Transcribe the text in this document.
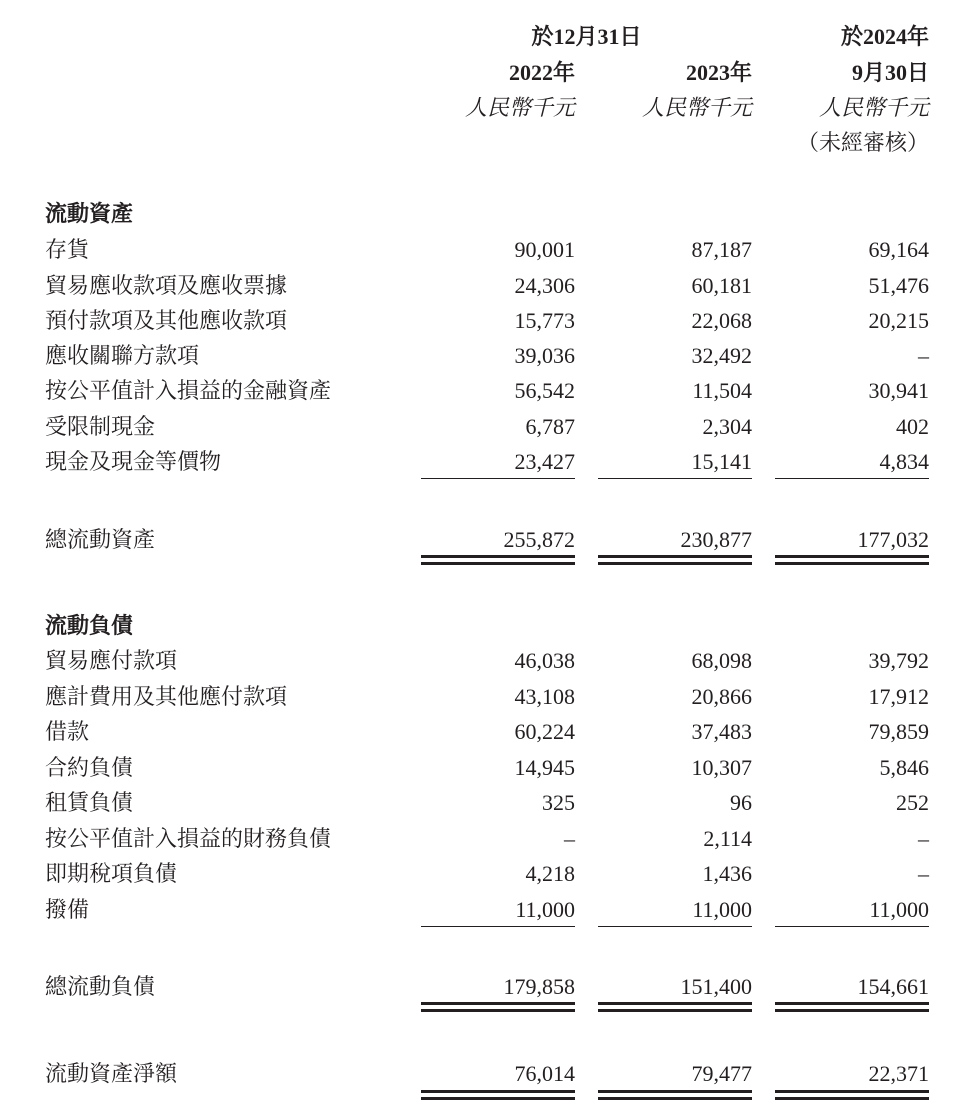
於12月31日	於2024年
2022年	2023年	9月30日
人民幣千元	人民幣千元	人民幣千元
（未經審核）
流動資產
存貨	90,001	87,187	69,164
貿易應收款項及應收票據	24,306	60,181	51,476
預付款項及其他應收款項	15,773	22,068	20,215
應收關聯方款項	39,036	32,492	–
按公平值計入損益的金融資產	56,542	11,504	30,941
受限制現金	6,787	2,304	402
現金及現金等價物	23,427	15,141	4,834
總流動資產	255,872	230,877	177,032
流動負債
貿易應付款項	46,038	68,098	39,792
應計費用及其他應付款項	43,108	20,866	17,912
借款	60,224	37,483	79,859
合約負債	14,945	10,307	5,846
租賃負債	325	96	252
按公平值計入損益的財務負債	–	2,114	–
即期稅項負債	4,218	1,436	–
撥備	11,000	11,000	11,000
總流動負債	179,858	151,400	154,661
流動資產淨額	76,014	79,477	22,371
